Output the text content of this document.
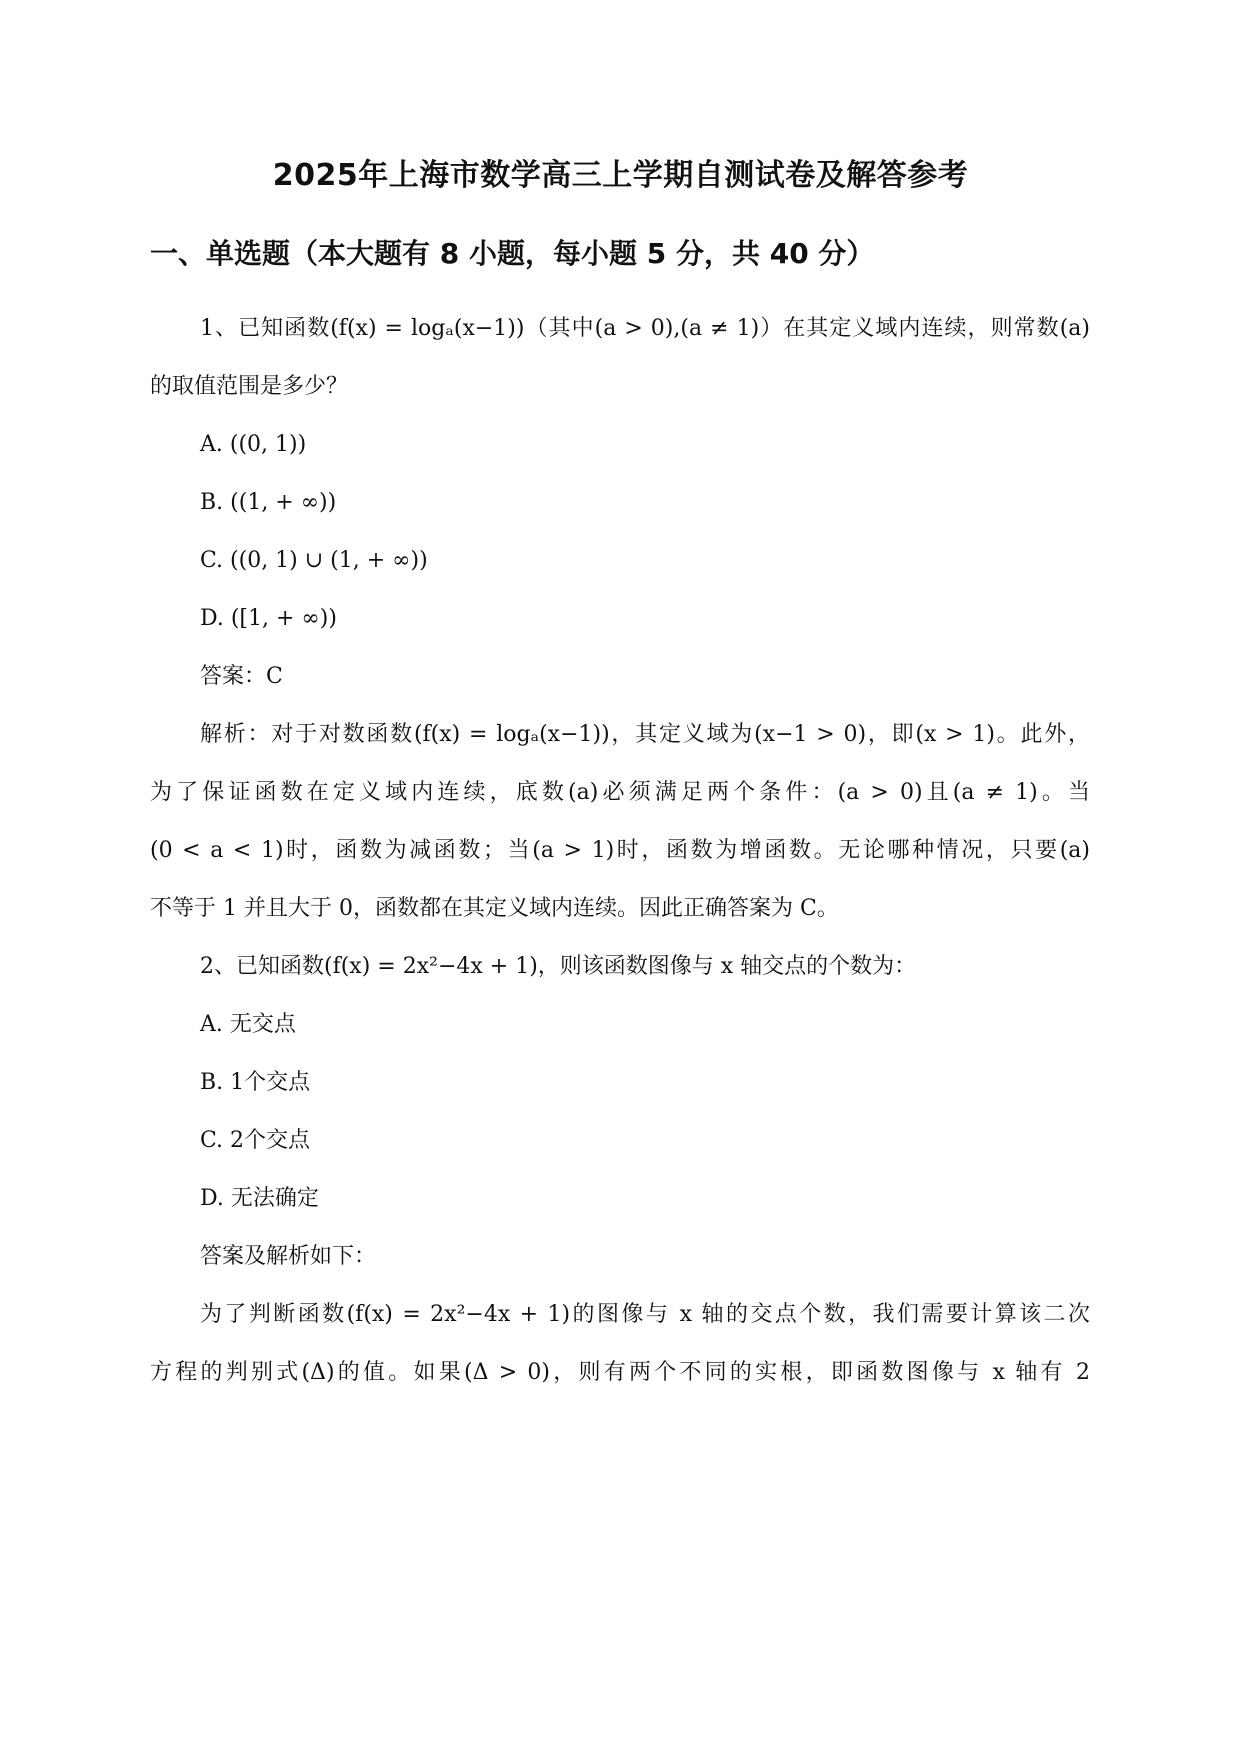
2025年上海市数学高三上学期自测试卷及解答参考
一、单选题（本大题有 8 小题，每小题 5 分，共 40 分）
1、已知函数(f(x) = logₐ(x−1))（其中(a > 0),(a ≠ 1)）在其定义域内连续，则常数(a)
的取值范围是多少？
A. ((0, 1))
B. ((1, + ∞))
C. ((0, 1) ∪ (1, + ∞))
D. ([1, + ∞))
答案：C
解析：对于对数函数(f(x) = logₐ(x−1))，其定义域为(x−1 > 0)，即(x > 1)。此外，
为了保证函数在定义域内连续，底数(a)必须满足两个条件：(a > 0)且(a ≠ 1)。当
(0 < a < 1)时，函数为减函数；当(a > 1)时，函数为增函数。无论哪种情况，只要(a)
不等于 1 并且大于 0，函数都在其定义域内连续。因此正确答案为 C。
2、已知函数(f(x) = 2x²−4x + 1)，则该函数图像与 x 轴交点的个数为：
A. 无交点
B. 1个交点
C. 2个交点
D. 无法确定
答案及解析如下：
为了判断函数(f(x) = 2x²−4x + 1)的图像与 x 轴的交点个数，我们需要计算该二次
方程的判别式(Δ)的值。如果(Δ > 0)，则有两个不同的实根，即函数图像与 x 轴有 2
